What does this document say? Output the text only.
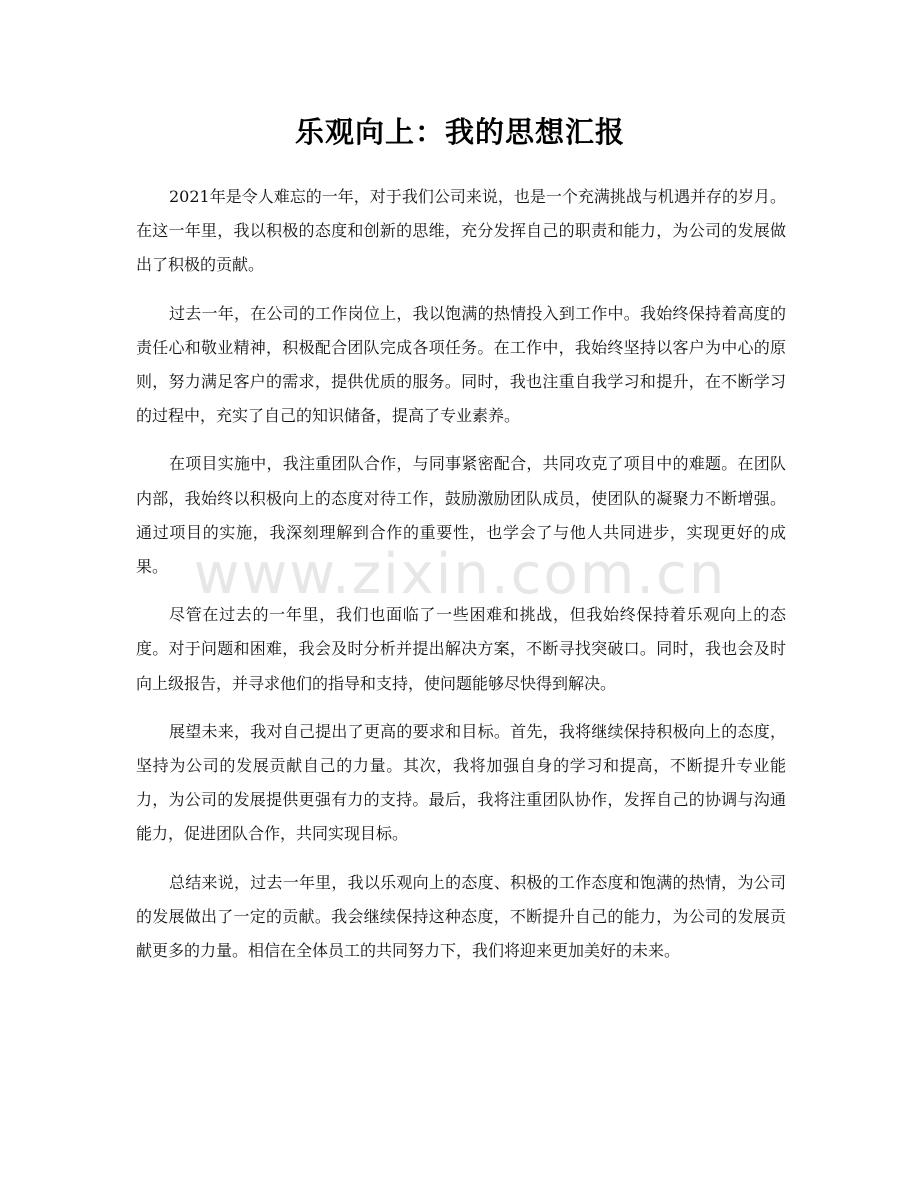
乐观向上：我的思想汇报

2021年是令人难忘的一年，对于我们公司来说，也是一个充满挑战与机遇并存的岁月。在这一年里，我以积极的态度和创新的思维，充分发挥自己的职责和能力，为公司的发展做出了积极的贡献。

过去一年，在公司的工作岗位上，我以饱满的热情投入到工作中。我始终保持着高度的责任心和敬业精神，积极配合团队完成各项任务。在工作中，我始终坚持以客户为中心的原则，努力满足客户的需求，提供优质的服务。同时，我也注重自我学习和提升，在不断学习的过程中，充实了自己的知识储备，提高了专业素养。

在项目实施中，我注重团队合作，与同事紧密配合，共同攻克了项目中的难题。在团队内部，我始终以积极向上的态度对待工作，鼓励激励团队成员，使团队的凝聚力不断增强。通过项目的实施，我深刻理解到合作的重要性，也学会了与他人共同进步，实现更好的成果。

尽管在过去的一年里，我们也面临了一些困难和挑战，但我始终保持着乐观向上的态度。对于问题和困难，我会及时分析并提出解决方案，不断寻找突破口。同时，我也会及时向上级报告，并寻求他们的指导和支持，使问题能够尽快得到解决。

展望未来，我对自己提出了更高的要求和目标。首先，我将继续保持积极向上的态度，坚持为公司的发展贡献自己的力量。其次，我将加强自身的学习和提高，不断提升专业能力，为公司的发展提供更强有力的支持。最后，我将注重团队协作，发挥自己的协调与沟通能力，促进团队合作，共同实现目标。

总结来说，过去一年里，我以乐观向上的态度、积极的工作态度和饱满的热情，为公司的发展做出了一定的贡献。我会继续保持这种态度，不断提升自己的能力，为公司的发展贡献更多的力量。相信在全体员工的共同努力下，我们将迎来更加美好的未来。

www.zixin.com.cn
